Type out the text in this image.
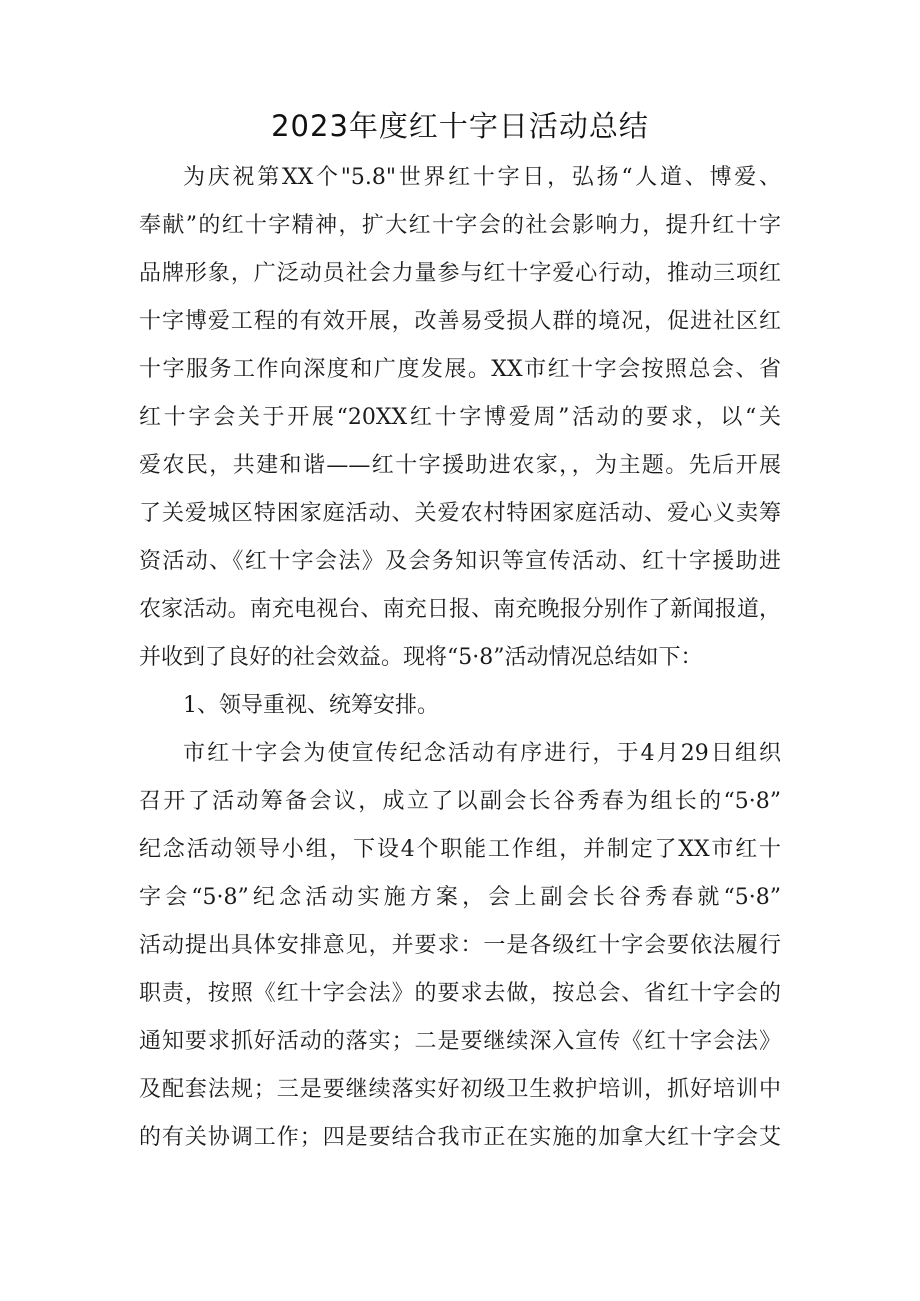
2023年度红十字日活动总结
为庆祝第XX个"5.8"世界红十字日，弘扬“人道、博爱、
奉献”的红十字精神，扩大红十字会的社会影响力，提升红十字
品牌形象，广泛动员社会力量参与红十字爱心行动，推动三项红
十字博爱工程的有效开展，改善易受损人群的境况，促进社区红
十字服务工作向深度和广度发展。XX市红十字会按照总会、省
红十字会关于开展“20XX红十字博爱周”活动的要求，以“关
爱农民，共建和谐——红十字援助进农家，，为主题。先后开展
了关爱城区特困家庭活动、关爱农村特困家庭活动、爱心义卖筹
资活动、《红十字会法》及会务知识等宣传活动、红十字援助进
农家活动。南充电视台、南充日报、南充晚报分别作了新闻报道，
并收到了良好的社会效益。现将“5·8”活动情况总结如下：
1、领导重视、统筹安排。
市红十字会为使宣传纪念活动有序进行，于4月29日组织
召开了活动筹备会议，成立了以副会长谷秀春为组长的“5·8”
纪念活动领导小组，下设4个职能工作组，并制定了XX市红十
字会“5·8”纪念活动实施方案，会上副会长谷秀春就“5·8”
活动提出具体安排意见，并要求：一是各级红十字会要依法履行
职责，按照《红十字会法》的要求去做，按总会、省红十字会的
通知要求抓好活动的落实；二是要继续深入宣传《红十字会法》
及配套法规；三是要继续落实好初级卫生救护培训，抓好培训中
的有关协调工作；四是要结合我市正在实施的加拿大红十字会艾
